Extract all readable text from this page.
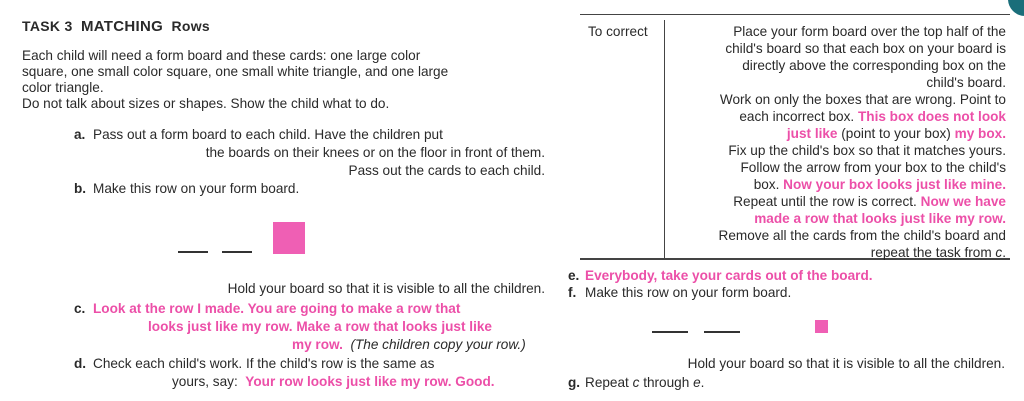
TASK 3 MATCHING Rows
Each child will need a form board and these cards: one large color
square, one small color square, one small white triangle, and one large
color triangle.
Do not talk about sizes or shapes. Show the child what to do.
a. Pass out a form board to each child. Have the children put
the boards on their knees or on the floor in front of them.
Pass out the cards to each child.
b. Make this row on your form board.
Hold your board so that it is visible to all the children.
c. Look at the row I made. You are going to make a row that
looks just like my row. Make a row that looks just like
my row. (The children copy your row.)
d. Check each child's work. If the child's row is the same as
yours, say: Your row looks just like my row. Good.
To correct	Place your form board over the top half of the
child's board so that each box on your board is
directly above the corresponding box on the
child's board.
Work on only the boxes that are wrong. Point to
each incorrect box. This box does not look
just like (point to your box) my box.
Fix up the child's box so that it matches yours.
Follow the arrow from your box to the child's
box. Now your box looks just like mine.
Repeat until the row is correct. Now we have
made a row that looks just like my row.
Remove all the cards from the child's board and
repeat the task from c.
e. Everybody, take your cards out of the board.
f. Make this row on your form board.
Hold your board so that it is visible to all the children.
g. Repeat c through e.
